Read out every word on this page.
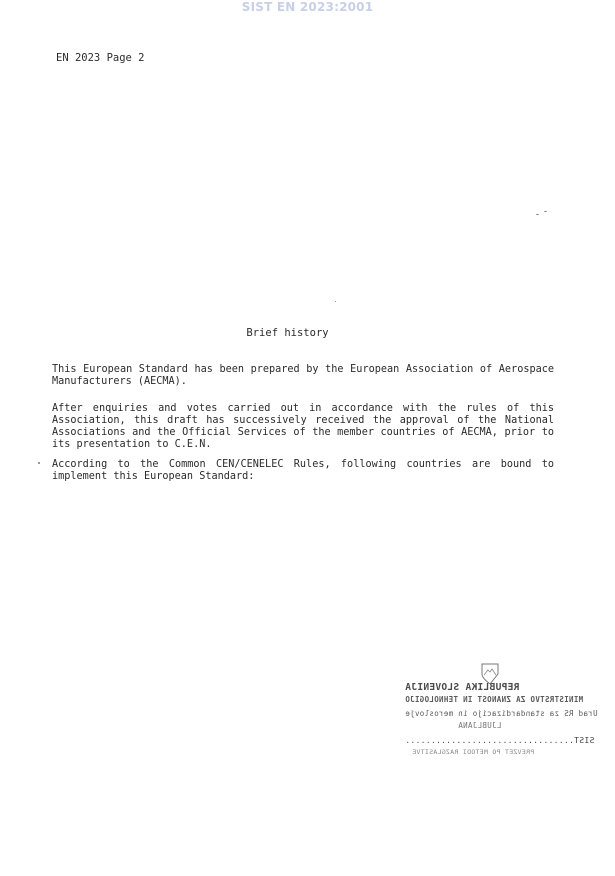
SIST EN 2023:2001
EN 2023 Page 2
Brief history

This European Standard has been prepared by the European Association of Aerospace Manufacturers (AECMA).

After enquiries and votes carried out in accordance with the rules of this Association, this draft has successively received the approval of the National Associations and the Official Services of the member countries of AECMA, prior to its presentation to C.E.N.

According to the Common CEN/CENELEC Rules, following countries are bound to implement this European Standard:

REPUBLIKA SLOVENIJA
MINISTRSTVO ZA ZNANOST IN TEHNOLOGIJO
Urad RS za standardizacijo in meroslovje
LJUBLJANA
SIST.................................
PREVZET PO METODI RAZGLASITVE
